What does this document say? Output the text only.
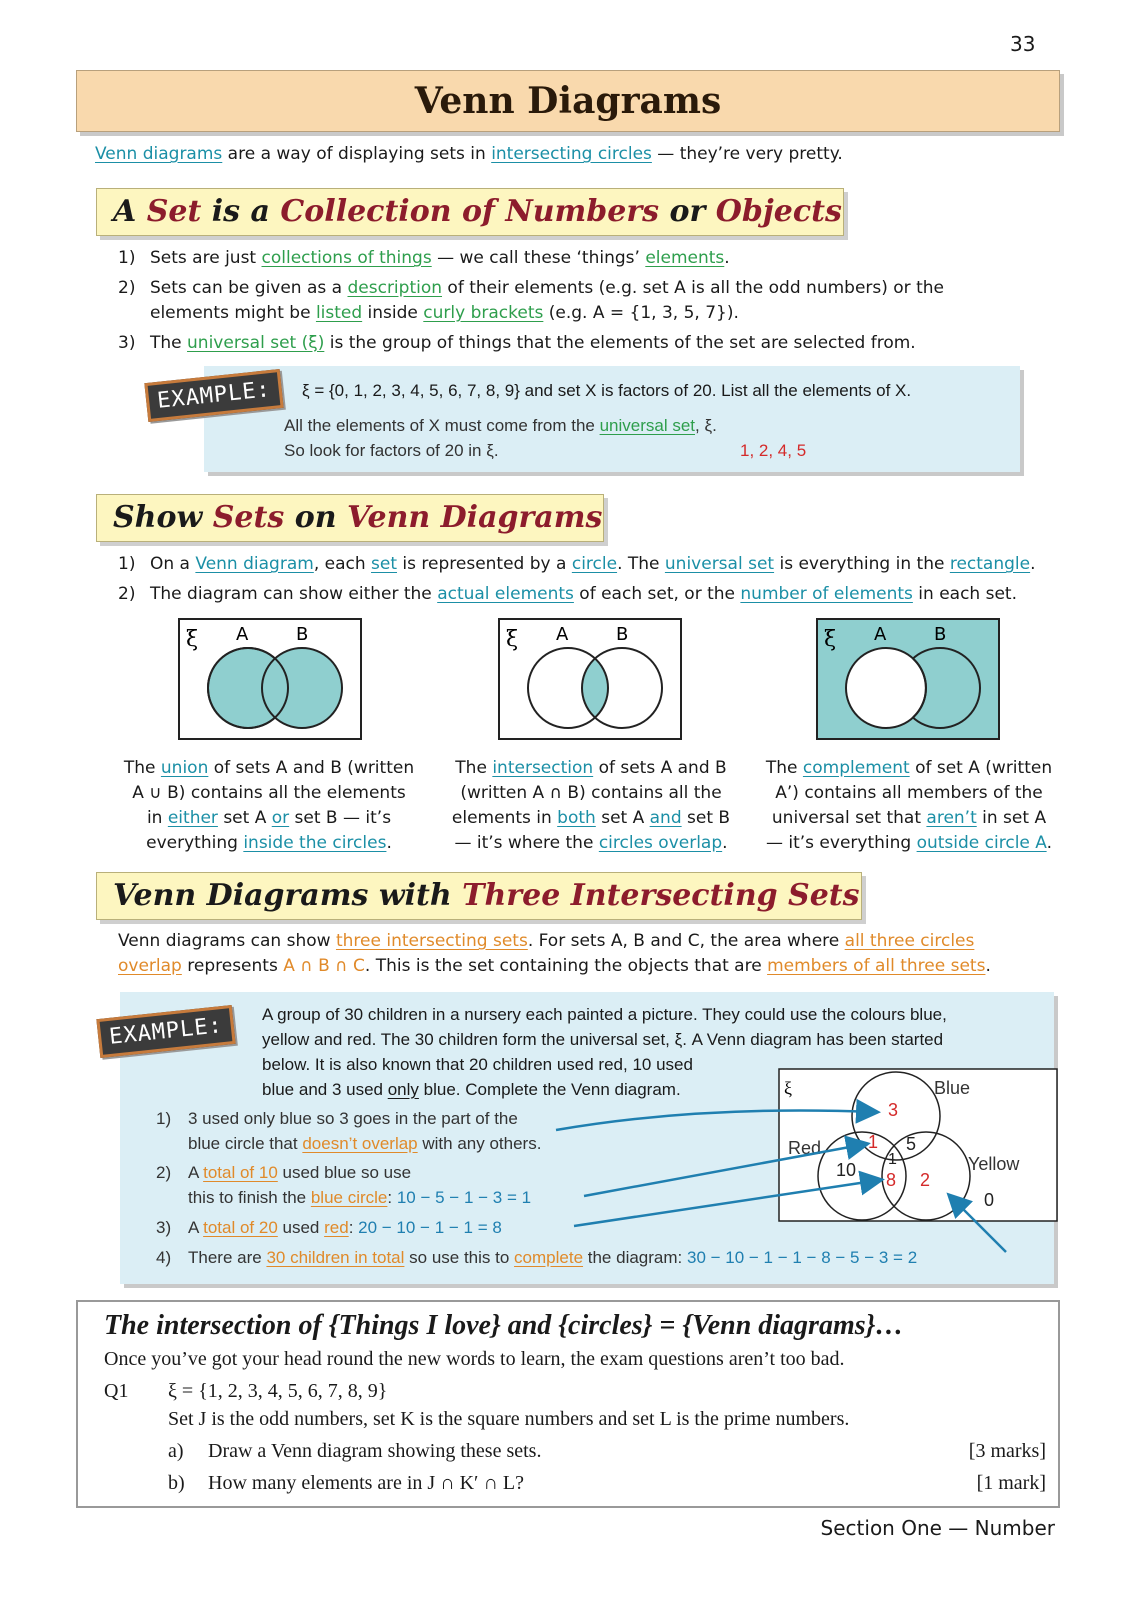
33
Venn Diagrams
Venn diagrams are a way of displaying sets in intersecting circles — they’re very pretty.
A Set is a Collection of Numbers or Objects
1) Sets are just collections of things — we call these ‘things’ elements.
2) Sets can be given as a description of their elements (e.g. set A is all the odd numbers) or the
elements might be listed inside curly brackets (e.g. A = {1, 3, 5, 7}).
3) The universal set (ξ) is the group of things that the elements of the set are selected from.
EXAMPLE:	ξ = {0, 1, 2, 3, 4, 5, 6, 7, 8, 9} and set X is factors of 20. List all the elements of X.
All the elements of X must come from the universal set, ξ.
So look for factors of 20 in ξ.	1, 2, 4, 5
Show Sets on Venn Diagrams
1) On a Venn diagram, each set is represented by a circle. The universal set is everything in the rectangle.
2) The diagram can show either the actual elements of each set, or the number of elements in each set.
ξ A	B	ξ A	B	ξ A	B
The union of sets A and B (written
A ∪ B) contains all the elements
in either set A or set B — it’s
everything inside the circles.
The intersection of sets A and B
(written A ∩ B) contains all the
elements in both set A and set B
— it’s where the circles overlap.
The complement of set A (written
A’) contains all members of the
universal set that aren’t in set A
— it’s everything outside circle A.
Venn Diagrams with Three Intersecting Sets
Venn diagrams can show three intersecting sets. For sets A, B and C, the area where all three circles
overlap represents A ∩ B ∩ C. This is the set containing the objects that are members of all three sets.
EXAMPLE:	A group of 30 children in a nursery each painted a picture. They could use the colours blue,
yellow and red. The 30 children form the universal set, ξ. A Venn diagram has been started
below. It is also known that 20 children used red, 10 used
blue and 3 used only blue. Complete the Venn diagram.
1) 3 used only blue so 3 goes in the part of the
blue circle that doesn’t overlap with any others.
2) A total of 10 used blue so use
this to finish the blue circle: 10 − 5 − 1 − 3 = 1
3) A total of 20 used red: 20 − 10 − 1 − 1 = 8
4) There are 30 children in total so use this to complete the diagram: 30 − 10 − 1 − 1 − 8 − 5 − 3 = 2
ξ	Blue
Red
Yellow
3
1 5
1
10 8 2
0
The intersection of {Things I love} and {circles} = {Venn diagrams}…
Once you’ve got your head round the new words to learn, the exam questions aren’t too bad.
Q1 ξ = {1, 2, 3, 4, 5, 6, 7, 8, 9}
Set J is the odd numbers, set K is the square numbers and set L is the prime numbers.
a) Draw a Venn diagram showing these sets.	[3 marks]
b) How many elements are in J ∩ K′ ∩ L?	[1 mark]
Section One — Number
